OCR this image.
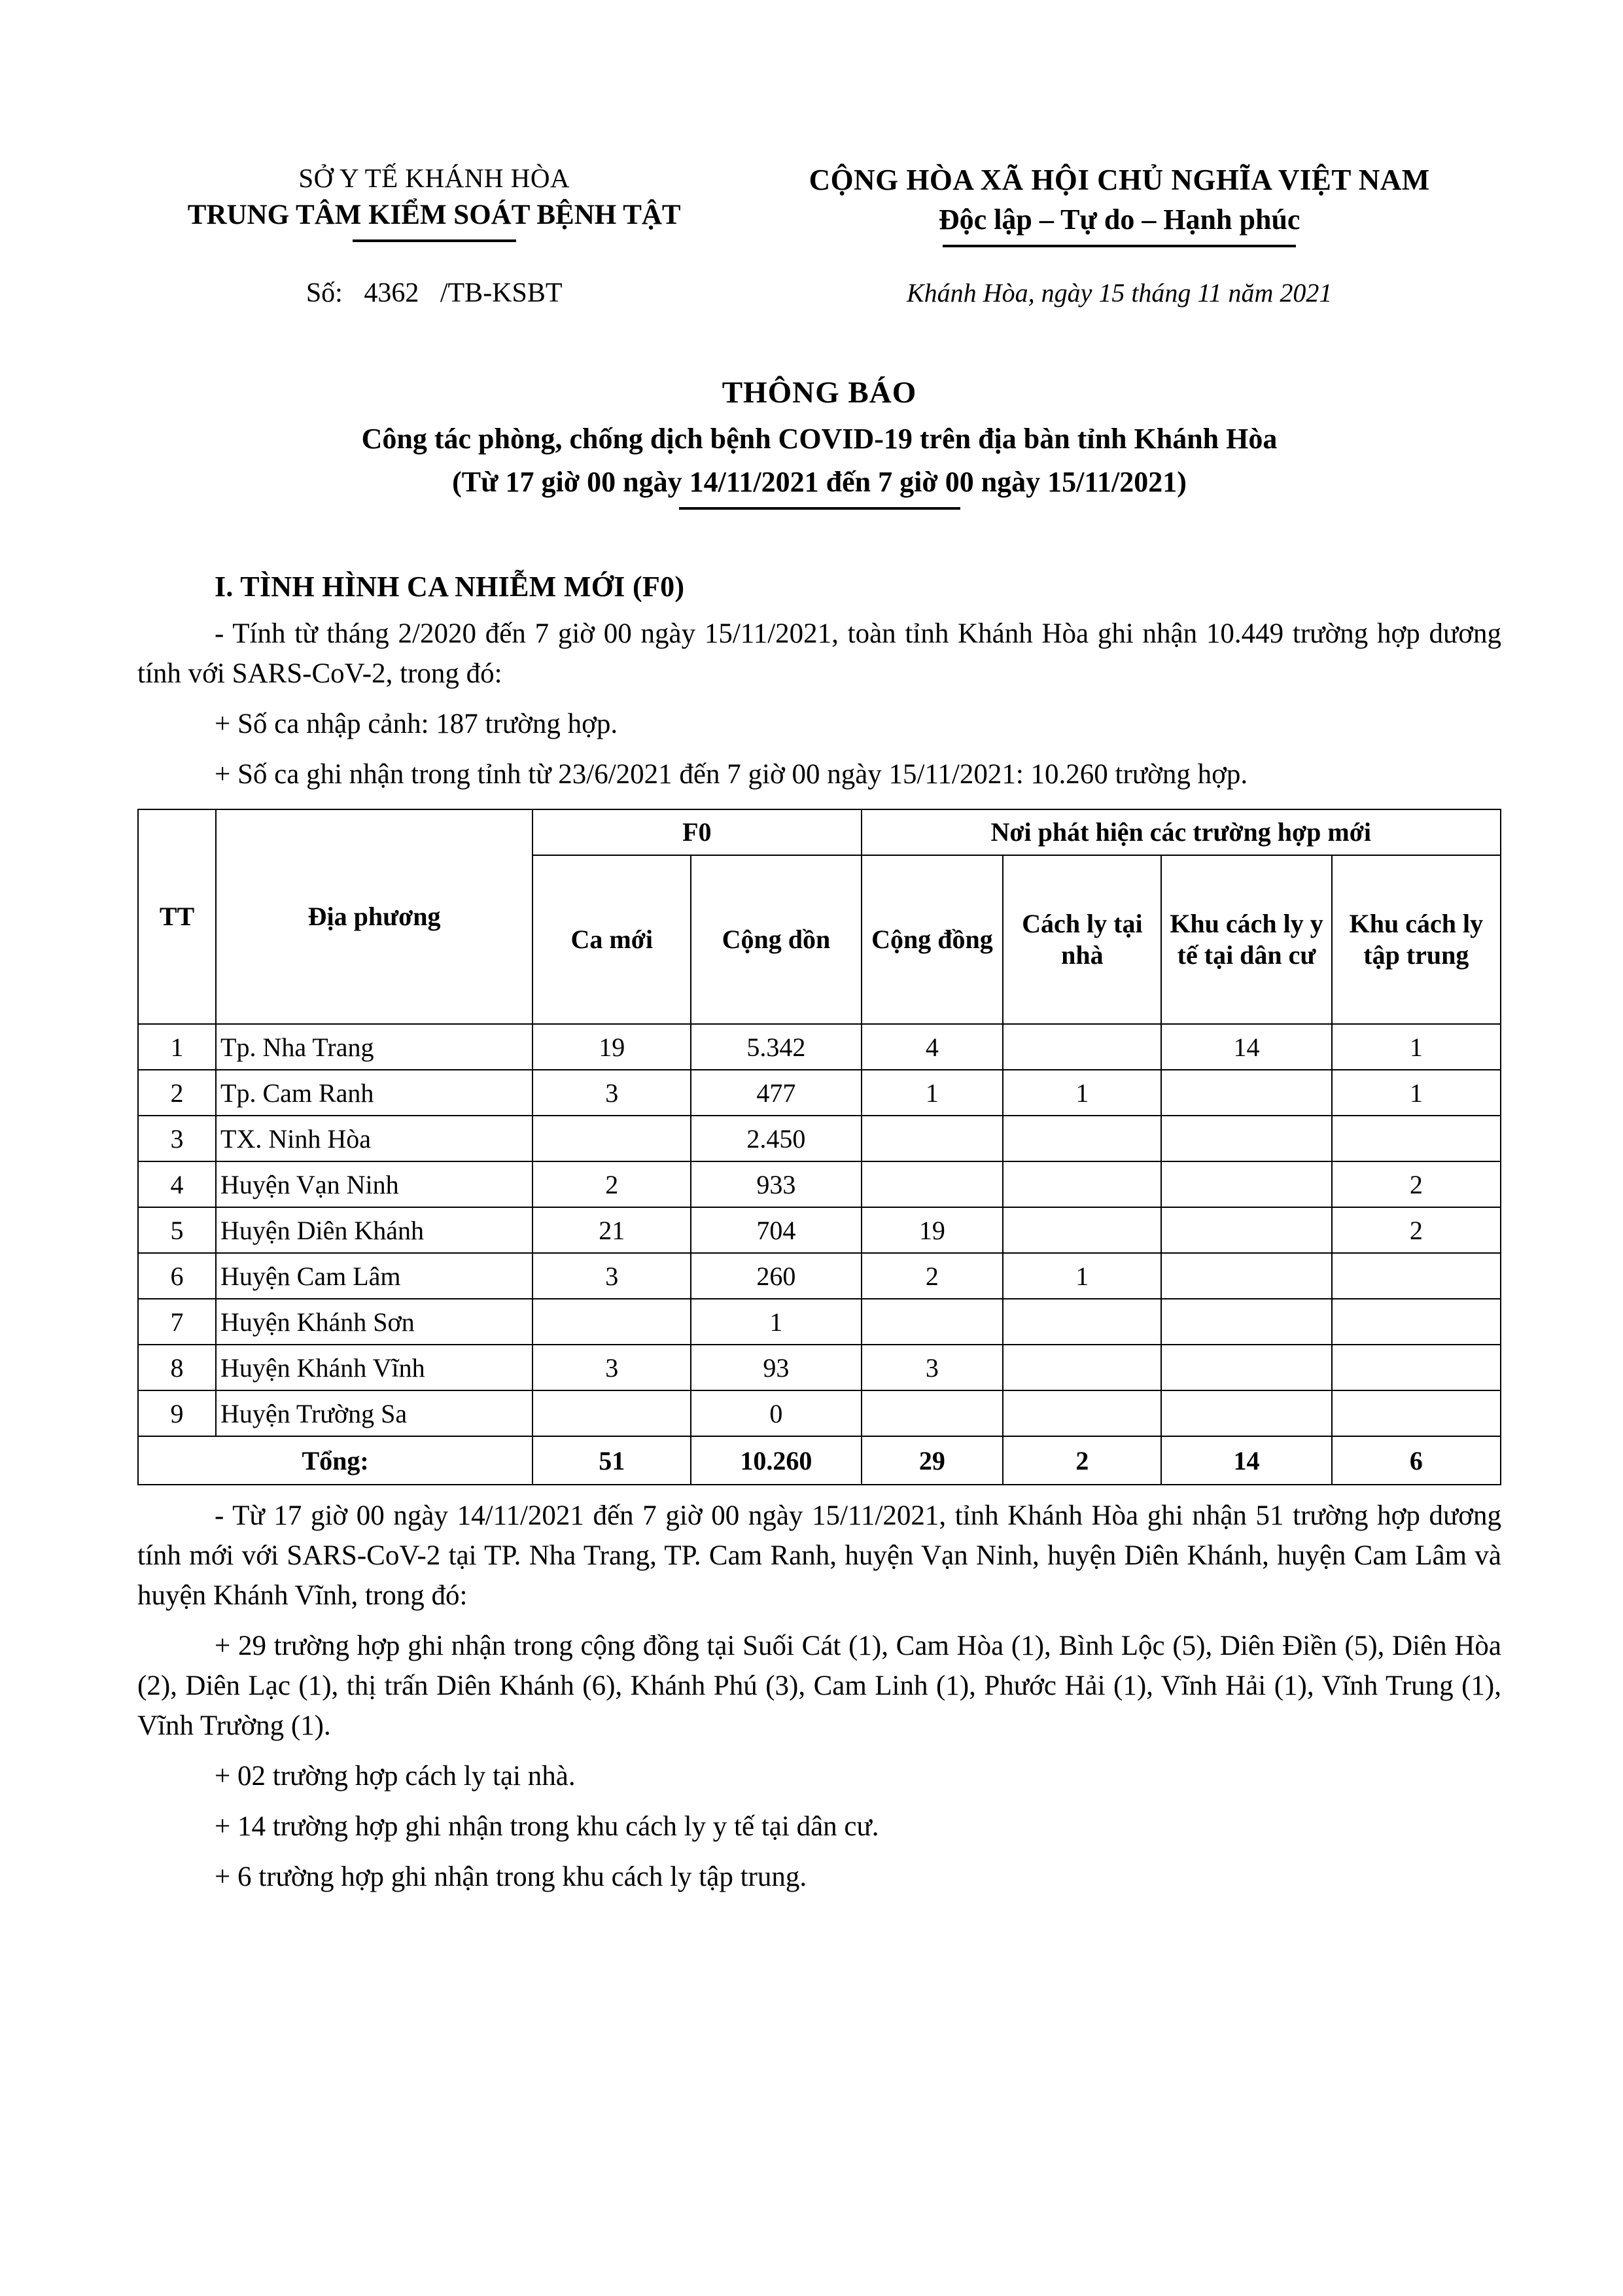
SỞ Y TẾ KHÁNH HÒA
TRUNG TÂM KIỂM SOÁT BỆNH TẬT
CỘNG HÒA XÃ HỘI CHỦ NGHĨA VIỆT NAM
Độc lập – Tự do – Hạnh phúc
Số: 4362 /TB-KSBT	Khánh Hòa, ngày 15 tháng 11 năm 2021
THÔNG BÁO
Công tác phòng, chống dịch bệnh COVID-19 trên địa bàn tỉnh Khánh Hòa
(Từ 17 giờ 00 ngày 14/11/2021 đến 7 giờ 00 ngày 15/11/2021)
I. TÌNH HÌNH CA NHIỄM MỚI (F0)

- Tính từ tháng 2/2020 đến 7 giờ 00 ngày 15/11/2021, toàn tỉnh Khánh Hòa ghi nhận 10.449 trường hợp dương tính với SARS-CoV-2, trong đó:

+ Số ca nhập cảnh: 187 trường hợp.

+ Số ca ghi nhận trong tỉnh từ 23/6/2021 đến 7 giờ 00 ngày 15/11/2021: 10.260 trường hợp.

TT	Địa phương	F0		Nơi phát hiện các trường hợp mới			
		Ca mới	Cộng dồn	Cộng đồng	Cách ly tại nhà	Khu cách ly y tế tại dân cư	Khu cách ly tập trung
1	Tp. Nha Trang	19	5.342	4		14	1
2	Tp. Cam Ranh	3	477	1	1		1
3	TX. Ninh Hòa		2.450				
4	Huyện Vạn Ninh	2	933				2
5	Huyện Diên Khánh	21	704	19			2
6	Huyện Cam Lâm	3	260	2	1		
7	Huyện Khánh Sơn		1				
8	Huyện Khánh Vĩnh	3	93	3			
9	Huyện Trường Sa		0				
Tổng:		51	10.260	29	2	14	6

- Từ 17 giờ 00 ngày 14/11/2021 đến 7 giờ 00 ngày 15/11/2021, tỉnh Khánh Hòa ghi nhận 51 trường hợp dương tính mới với SARS-CoV-2 tại TP. Nha Trang, TP. Cam Ranh, huyện Vạn Ninh, huyện Diên Khánh, huyện Cam Lâm và huyện Khánh Vĩnh, trong đó:

+ 29 trường hợp ghi nhận trong cộng đồng tại Suối Cát (1), Cam Hòa (1), Bình Lộc (5), Diên Điền (5), Diên Hòa (2), Diên Lạc (1), thị trấn Diên Khánh (6), Khánh Phú (3), Cam Linh (1), Phước Hải (1), Vĩnh Hải (1), Vĩnh Trung (1), Vĩnh Trường (1).

+ 02 trường hợp cách ly tại nhà.

+ 14 trường hợp ghi nhận trong khu cách ly y tế tại dân cư.

+ 6 trường hợp ghi nhận trong khu cách ly tập trung.
